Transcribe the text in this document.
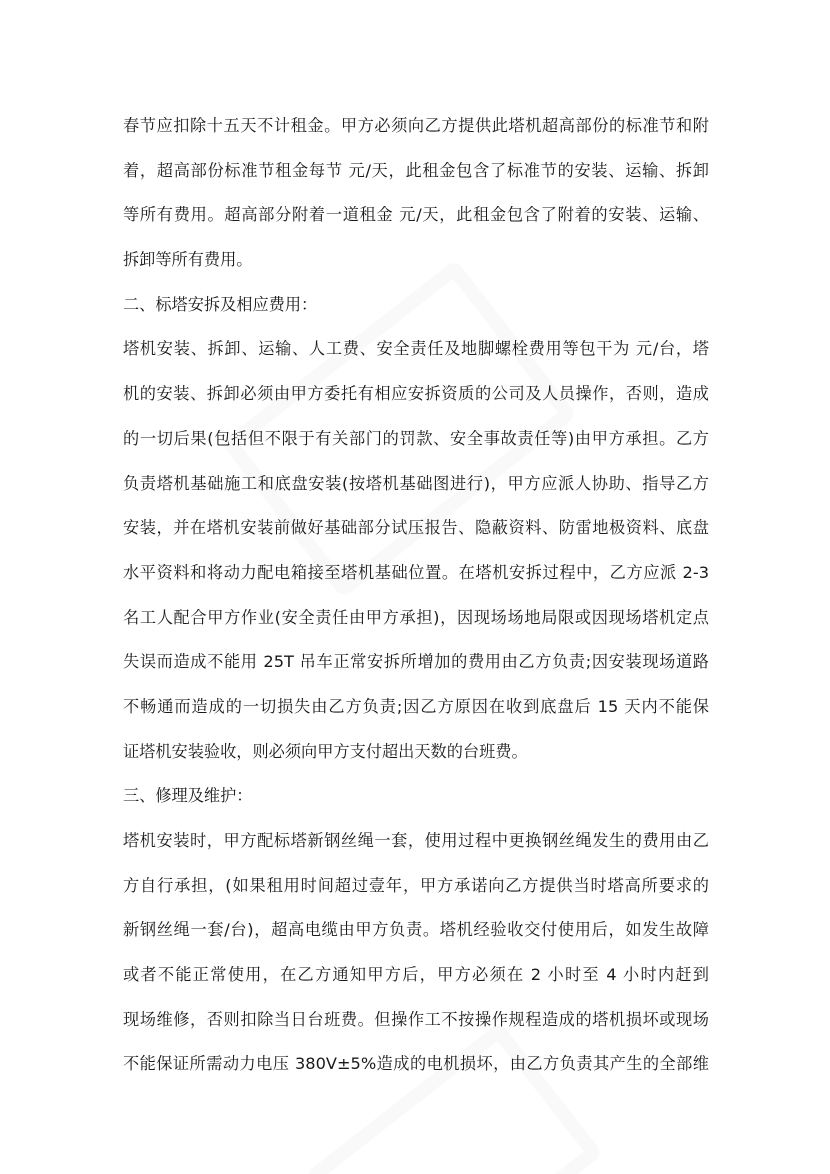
春节应扣除十五天不计租金。甲方必须向乙方提供此塔机超高部份的标准节和附
着，超高部份标准节租金每节 元/天，此租金包含了标准节的安装、运输、拆卸
等所有费用。超高部分附着一道租金 元/天，此租金包含了附着的安装、运输、
拆卸等所有费用。
二、标塔安拆及相应费用：
塔机安装、拆卸、运输、人工费、安全责任及地脚螺栓费用等包干为 元/台，塔
机的安装、拆卸必须由甲方委托有相应安拆资质的公司及人员操作，否则，造成
的一切后果(包括但不限于有关部门的罚款、安全事故责任等)由甲方承担。乙方
负责塔机基础施工和底盘安装(按塔机基础图进行)，甲方应派人协助、指导乙方
安装，并在塔机安装前做好基础部分试压报告、隐蔽资料、防雷地极资料、底盘
水平资料和将动力配电箱接至塔机基础位置。在塔机安拆过程中，乙方应派 2-3
名工人配合甲方作业(安全责任由甲方承担)，因现场场地局限或因现场塔机定点
失误而造成不能用 25T 吊车正常安拆所增加的费用由乙方负责;因安装现场道路
不畅通而造成的一切损失由乙方负责;因乙方原因在收到底盘后 15 天内不能保
证塔机安装验收，则必须向甲方支付超出天数的台班费。
三、修理及维护：
塔机安装时，甲方配标塔新钢丝绳一套，使用过程中更换钢丝绳发生的费用由乙
方自行承担，(如果租用时间超过壹年，甲方承诺向乙方提供当时塔高所要求的
新钢丝绳一套/台)，超高电缆由甲方负责。塔机经验收交付使用后，如发生故障
或者不能正常使用，在乙方通知甲方后，甲方必须在 2 小时至 4 小时内赶到
现场维修，否则扣除当日台班费。但操作工不按操作规程造成的塔机损坏或现场
不能保证所需动力电压 380V±5%造成的电机损坏，由乙方负责其产生的全部维
